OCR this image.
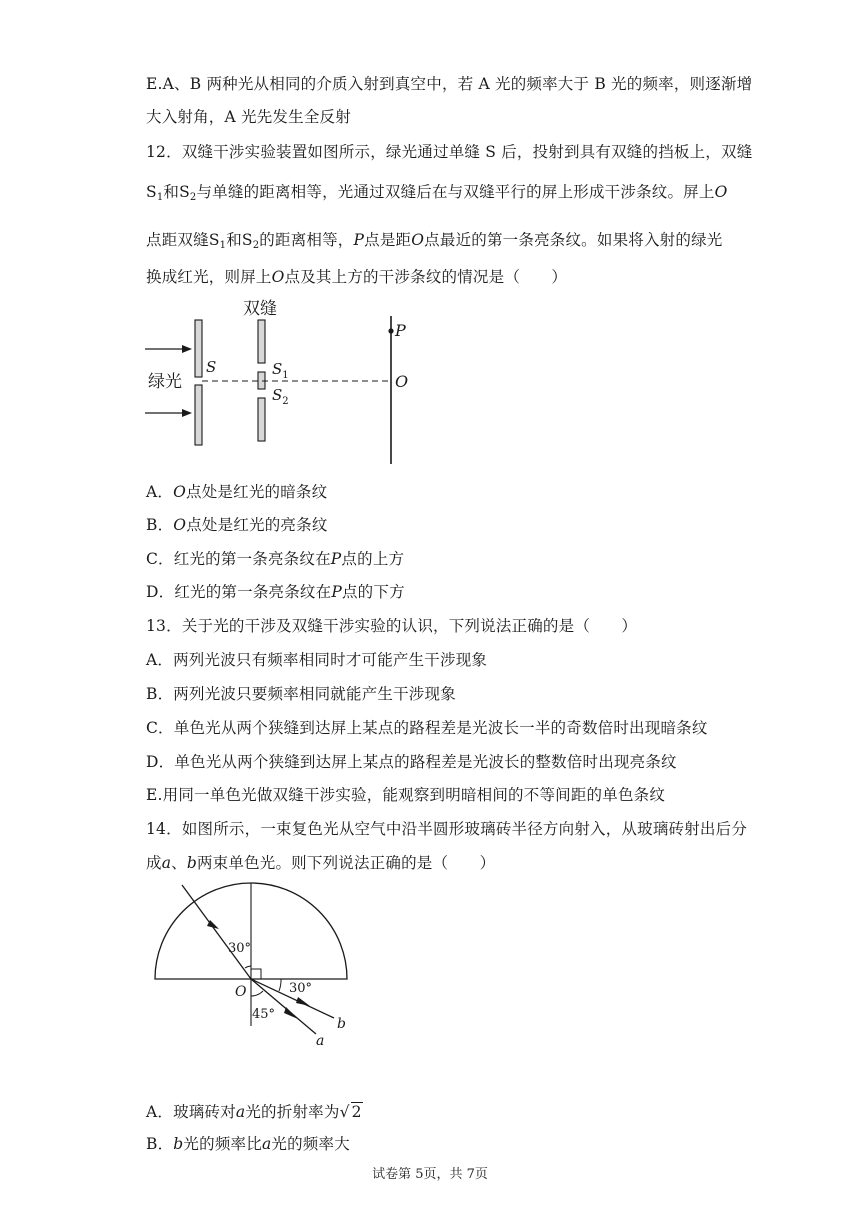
E.A、B 两种光从相同的介质入射到真空中，若 A 光的频率大于 B 光的频率，则逐渐增
大入射角，A 光先发生全反射
12．双缝干涉实验装置如图所示，绿光通过单缝 S 后，投射到具有双缝的挡板上，双缝
$S_1$和$S_2$与单缝的距离相等，光通过双缝后在与双缝平行的屏上形成干涉条纹。屏上O
点距双缝$S_1$和$S_2$的距离相等，P点是距O点最近的第一条亮条纹。如果将入射的绿光
换成红光，则屏上O点及其上方的干涉条纹的情况是（　　）
绿光
S
双缝
$S_1$
$S_2$
P
O
A．O点处是红光的暗条纹
B．O点处是红光的亮条纹
C．红光的第一条亮条纹在P点的上方
D．红光的第一条亮条纹在P点的下方
13．关于光的干涉及双缝干涉实验的认识，下列说法正确的是（　　）
A．两列光波只有频率相同时才可能产生干涉现象
B．两列光波只要频率相同就能产生干涉现象
C．单色光从两个狭缝到达屏上某点的路程差是光波长一半的奇数倍时出现暗条纹
D．单色光从两个狭缝到达屏上某点的路程差是光波长的整数倍时出现亮条纹
E.用同一单色光做双缝干涉实验，能观察到明暗相间的不等间距的单色条纹
14．如图所示，一束复色光从空气中沿半圆形玻璃砖半径方向射入，从玻璃砖射出后分
成a、b两束单色光。则下列说法正确的是（　　）
30°
30°
b
45°
a
O
A．玻璃砖对a光的折射率为√ 2
B．b光的频率比a光的频率大
试卷第 5页，共 7页
